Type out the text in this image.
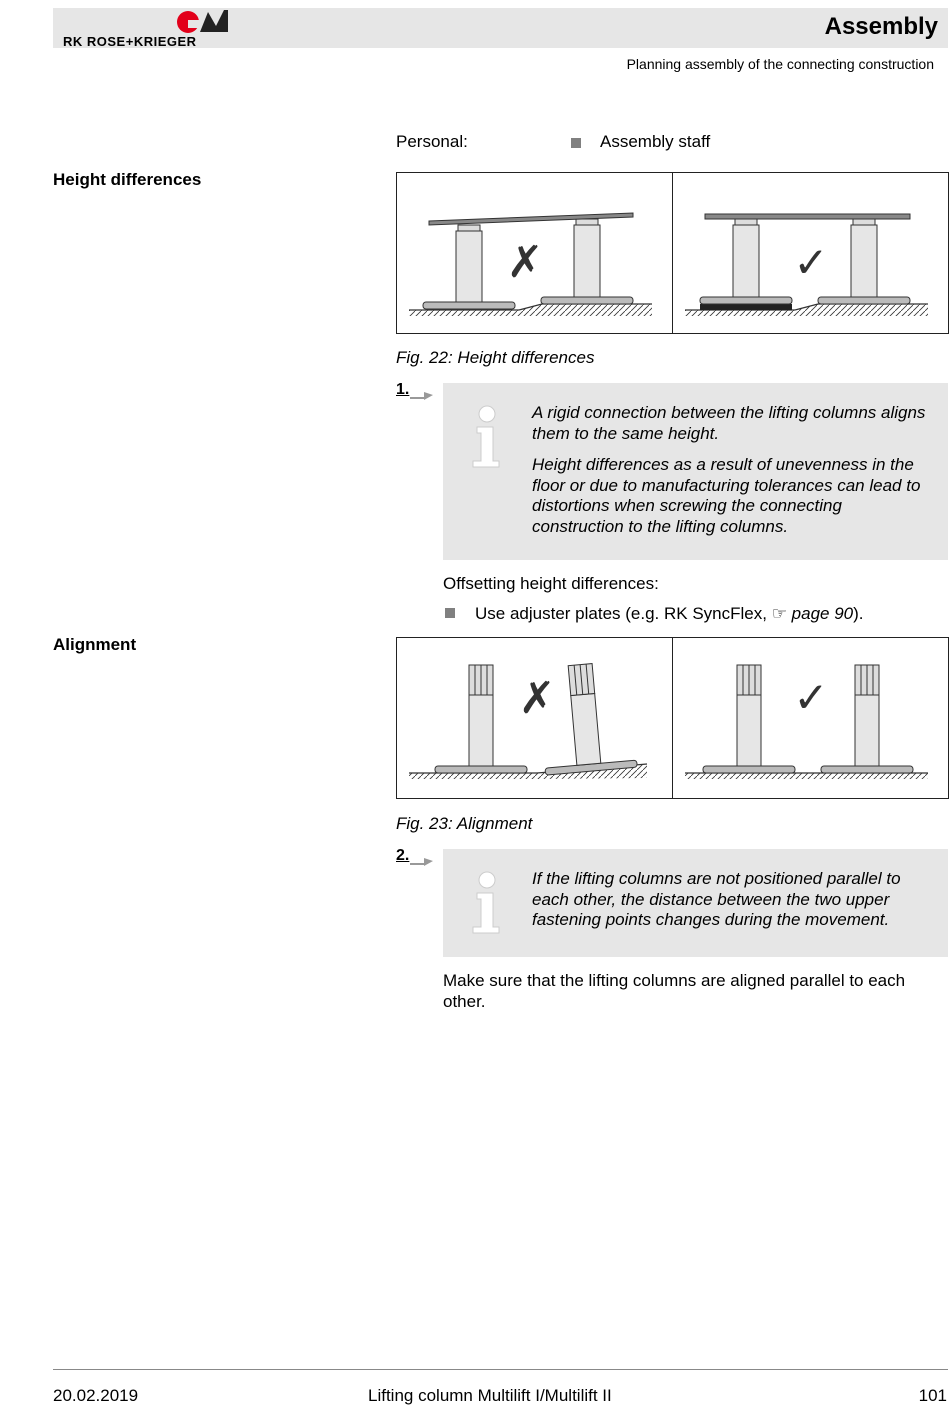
RK ROSE+KRIEGER
Assembly
Planning assembly of the connecting construction
Personal:	Assembly staff
Height differences
✗	✓
Fig. 22: Height differences
1.

A rigid connection between the lifting columns aligns them to the same height.

Height differences as a result of unevenness in the floor or due to manufacturing tolerances can lead to distortions when screwing the connecting construction to the lifting columns.

Offsetting height differences:
Use adjuster plates (e.g. RK SyncFlex, ☞ page 90).
Alignment
✗	✓
Fig. 23: Alignment
2.

If the lifting columns are not positioned parallel to each other, the distance between the two upper fastening points changes during the movement.

Make sure that the lifting columns are aligned parallel to each other.
20.02.2019	Lifting column Multilift I/Multilift II	101
